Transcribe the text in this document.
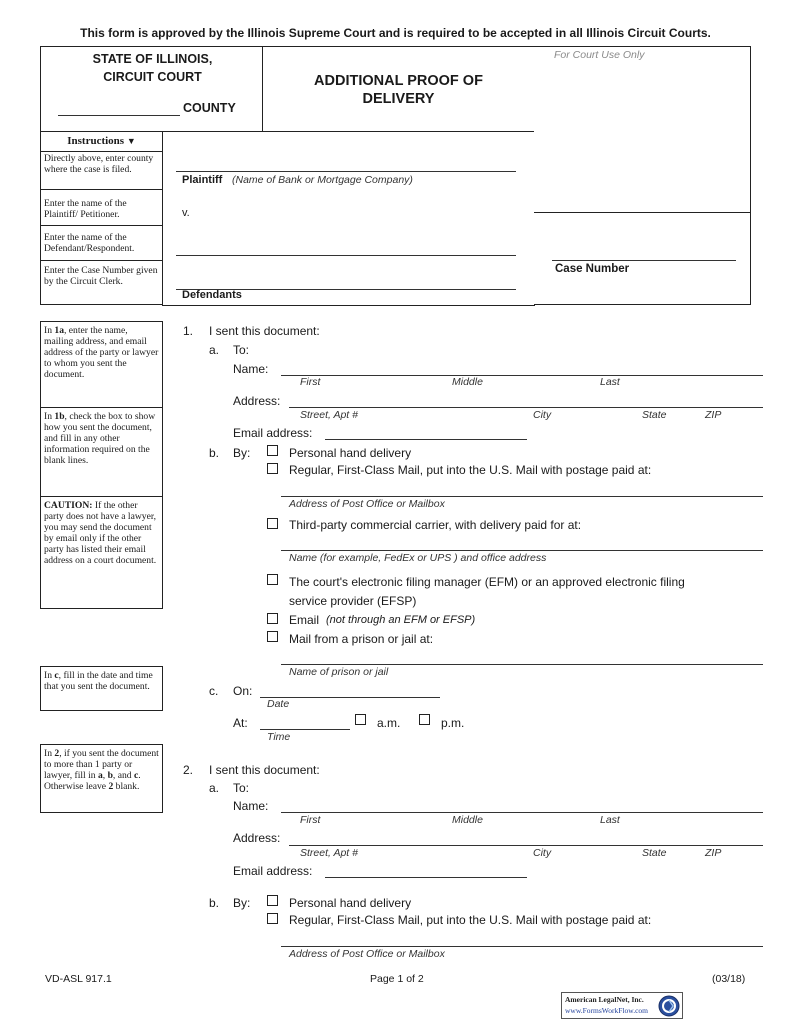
This form is approved by the Illinois Supreme Court and is required to be accepted in all Illinois Circuit Courts.
STATE OF ILLINOIS,
CIRCUIT COURT
COUNTY
ADDITIONAL PROOF OF
DELIVERY
For Court Use Only
Case Number
Instructions ▼
Directly above, enter county where the case is filed.
Enter the name of the Plaintiff/ Petitioner.
Enter the name of the Defendant/Respondent.
Enter the Case Number given by the Circuit Clerk.
Plaintiff (Name of Bank or Mortgage Company)
v.
Defendants
In 1a, enter the name, mailing address, and email address of the party or lawyer to whom you sent the document.
In 1b, check the box to show how you sent the document, and fill in any other information required on the blank lines.
CAUTION: If the other party does not have a lawyer, you may send the document by email only if the other party has listed their email address on a court document.
In c, fill in the date and time that you sent the document.
In 2, if you sent the document to more than 1 party or lawyer, fill in a, b, and c. Otherwise leave 2 blank.
1. I sent this document:
a. To:
Name:
First	Middle	Last
Address:
Street, Apt #	City	State	ZIP
Email address:
b. By:	Personal hand delivery
Regular, First-Class Mail, put into the U.S. Mail with postage paid at:
Address of Post Office or Mailbox
Third-party commercial carrier, with delivery paid for at:
Name (for example, FedEx or UPS ) and office address
The court's electronic filing manager (EFM) or an approved electronic filing
service provider (EFSP)
Email (not through an EFM or EFSP)
Mail from a prison or jail at:
Name of prison or jail
c. On:
Date
At:
Time
a.m.	p.m.
2. I sent this document:
a. To:
Name:
First	Middle	Last
Address:
Street, Apt #	City	State	ZIP
Email address:
b. By:	Personal hand delivery
Regular, First-Class Mail, put into the U.S. Mail with postage paid at:
Address of Post Office or Mailbox
VD-ASL 917.1	Page 1 of 2	(03/18)
American LegalNet, Inc.
www.FormsWorkFlow.com
